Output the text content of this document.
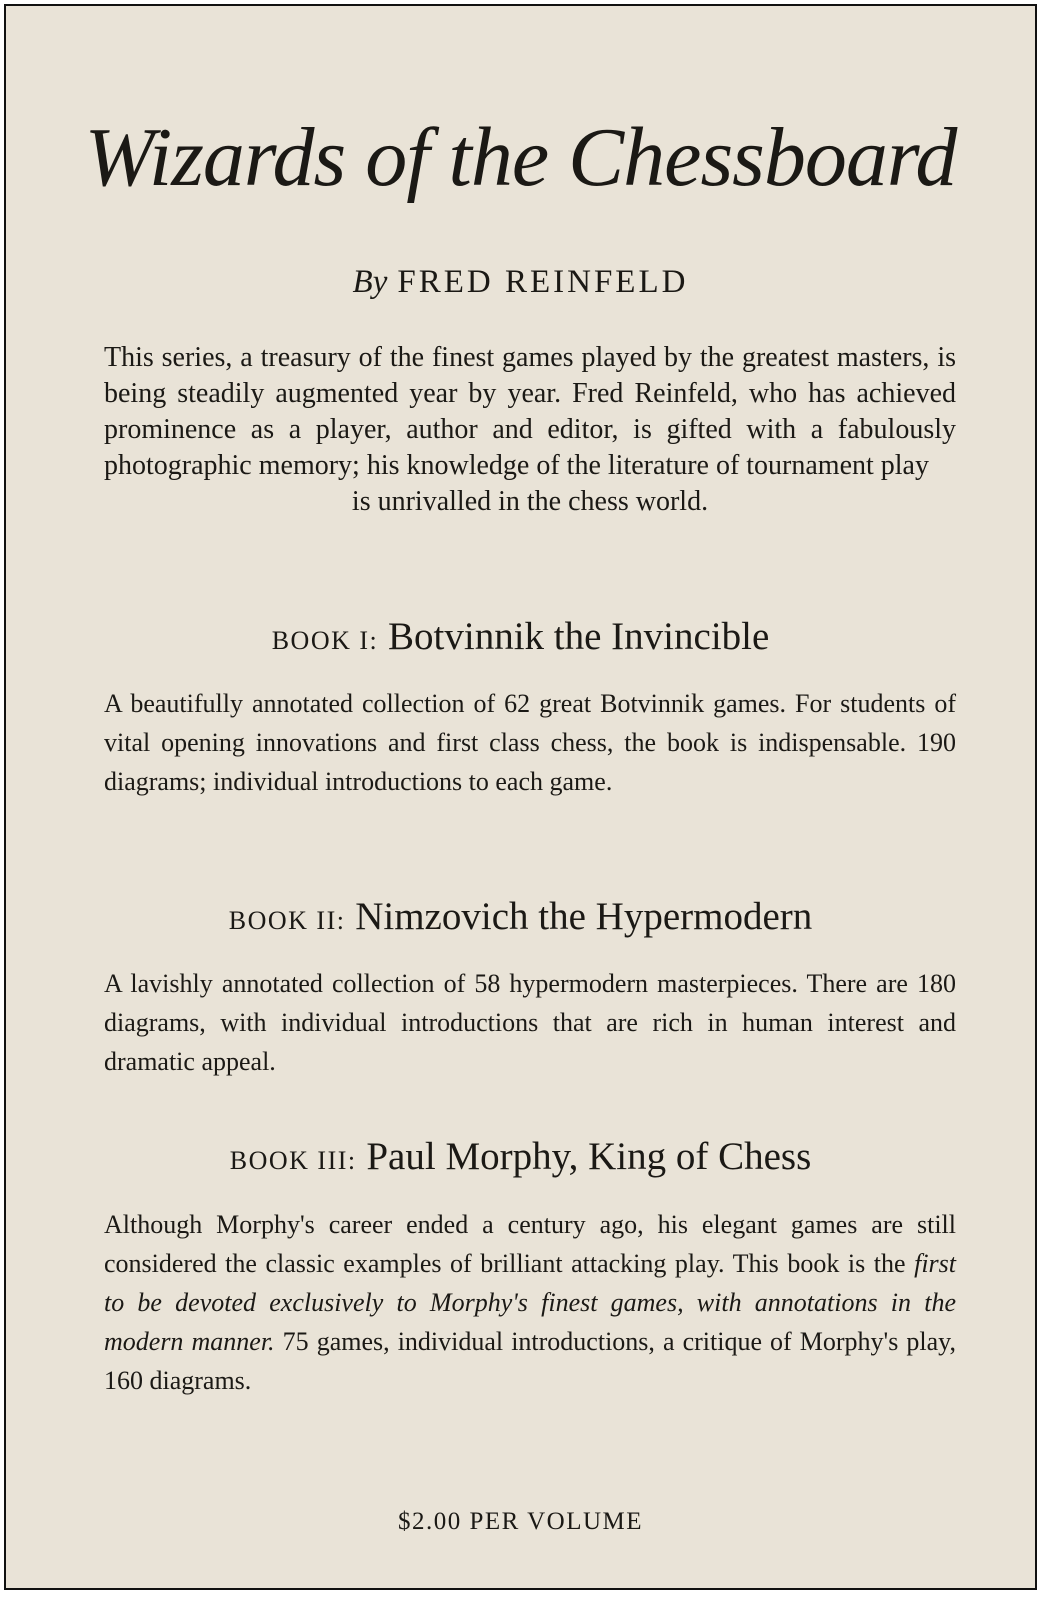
Wizards of the Chessboard
By FRED REINFELD
This series, a treasury of the finest games played by the greatest masters, is being steadily augmented year by year. Fred Reinfeld, who has achieved prominence as a player, author and editor, is gifted with a fabulously photographic memory; his knowledge of the literature of tournament play
is unrivalled in the chess world.
BOOK I: Botvinnik the Invincible
A beautifully annotated collection of 62 great Botvinnik games. For students of vital opening innovations and first class chess, the book is indispensable. 190 diagrams; individual introductions to each game.
BOOK II: Nimzovich the Hypermodern
A lavishly annotated collection of 58 hypermodern masterpieces. There are 180 diagrams, with individual introductions that are rich in human interest and dramatic appeal.
BOOK III: Paul Morphy, King of Chess
Although Morphy's career ended a century ago, his elegant games are still considered the classic examples of brilliant attacking play. This book is the first to be devoted exclusively to Morphy's finest games, with annotations in the modern manner. 75 games, individual introductions, a critique of Morphy's play, 160 diagrams.
$2.00 PER VOLUME
